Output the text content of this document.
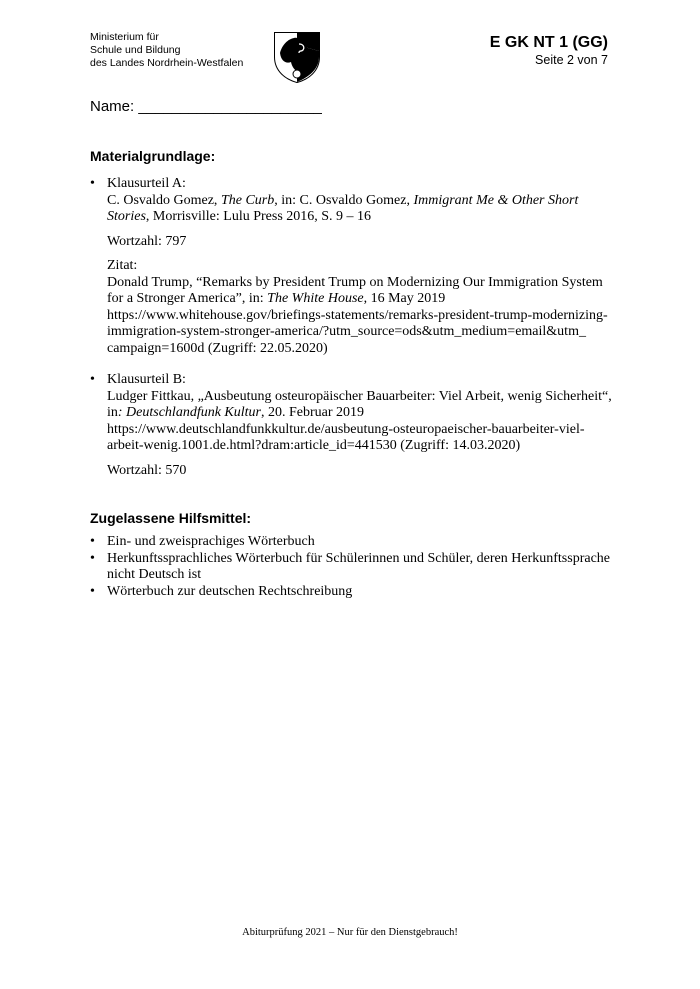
Ministerium für
Schule und Bildung
des Landes Nordrhein-Westfalen
E GK NT 1 (GG)
Seite 2 von 7
Name: ______________________
Materialgrundlage:
• Klausurteil A:

C. Osvaldo Gomez, The Curb, in: C. Osvaldo Gomez, Immigrant Me & Other Short Stories, Morrisville: Lulu Press 2016, S. 9 – 16

Wortzahl: 797

Zitat:

Donald Trump, “Remarks by President Trump on Modernizing Our Immigration System for a Stronger America”, in: The White House, 16 May 2019

https://www.whitehouse.gov/briefings-statements/remarks-president-trump-modernizing-

immigration-system-stronger-america/?utm_source=ods&utm_medium=email&utm_

campaign=1600d (Zugriff: 22.05.2020)

• Klausurteil B:

Ludger Fittkau, „Ausbeutung osteuropäischer Bauarbeiter: Viel Arbeit, wenig Sicherheit“,

in: Deutschlandfunk Kultur, 20. Februar 2019

https://www.deutschlandfunkkultur.de/ausbeutung-osteuropaeischer-bauarbeiter-viel-

arbeit-wenig.1001.de.html?dram:article_id=441530 (Zugriff: 14.03.2020)

Wortzahl: 570

Zugelassene Hilfsmittel:
• Ein- und zweisprachiges Wörterbuch
• Herkunftssprachliches Wörterbuch für Schülerinnen und Schüler, deren Herkunftssprache nicht Deutsch ist
• Wörterbuch zur deutschen Rechtschreibung
Abiturprüfung 2021 – Nur für den Dienstgebrauch!
